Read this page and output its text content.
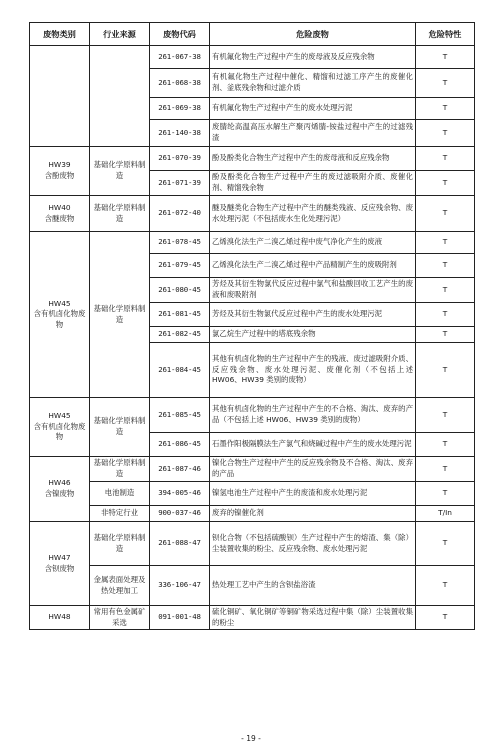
废物类别	行业来源	废物代码	危险废物	危险特性
		261-067-38	有机氟化物生产过程中产生的废母液及反应残余物	T
		261-068-38	有机氟化物生产过程中催化、精馏和过滤工序产生的废催化剂、釜底残余物和过滤介质	T
		261-069-38	有机氟化物生产过程中产生的废水处理污泥	T
		261-140-38	废腈纶高温高压水解生产聚丙烯腈-铵盐过程中产生的过滤残渣	T

HW39
含酚废物	基础化学原料制造	261-070-39	酚及酚类化合物生产过程中产生的废母液和反应残余物	T
		261-071-39	酚及酚类化合物生产过程中产生的废过滤吸附介质、废催化剂、精馏残余物	T

HW40
含醚废物	基础化学原料制造	261-072-40	醚及醚类化合物生产过程中产生的醚类残液、反应残余物、废水处理污泥（不包括废水生化处理污泥）	T

HW45
含有机卤化物废物	基础化学原料制造	261-078-45	乙烯溴化法生产二溴乙烯过程中废气净化产生的废液	T
		261-079-45	乙烯溴化法生产二溴乙烯过程中产品精制产生的废吸附剂	T
		261-080-45	芳烃及其衍生物氯代反应过程中氯气和盐酸回收工艺产生的废液和废吸附剂	T
		261-081-45	芳烃及其衍生物氯代反应过程中产生的废水处理污泥	T
		261-082-45	氯乙烷生产过程中的塔底残余物	T
		261-084-45	其他有机卤化物的生产过程中产生的残液、废过滤吸附介质、反应残余物、废水处理污泥、废催化剂（不包括上述 HW06、HW39 类别的废物）	T

HW45
含有机卤化物废物	基础化学原料制造	261-085-45	其他有机卤化物的生产过程中产生的不合格、淘汰、废弃的产品（不包括上述 HW06、HW39 类别的废物）	T
		261-086-45	石墨作阳极隔膜法生产氯气和烧碱过程中产生的废水处理污泥	T

HW46
含镍废物	基础化学原料制造	261-087-46	镍化合物生产过程中产生的反应残余物及不合格、淘汰、废弃的产品	T
	电池制造	394-005-46	镍氢电池生产过程中产生的废渣和废水处理污泥	T
	非特定行业	900-037-46	废弃的镍催化剂	T/In

HW47
含钡废物	基础化学原料制造	261-088-47	钡化合物（不包括硫酸钡）生产过程中产生的熔渣、集（除）尘装置收集的粉尘、反应残余物、废水处理污泥	T
	金属表面处理及热处理加工	336-106-47	热处理工艺中产生的含钡盐浴渣	T
HW48	常用有色金属矿采选	091-001-48	硫化铜矿、氧化铜矿等铜矿物采选过程中集（除）尘装置收集的粉尘	T
- 19 -
